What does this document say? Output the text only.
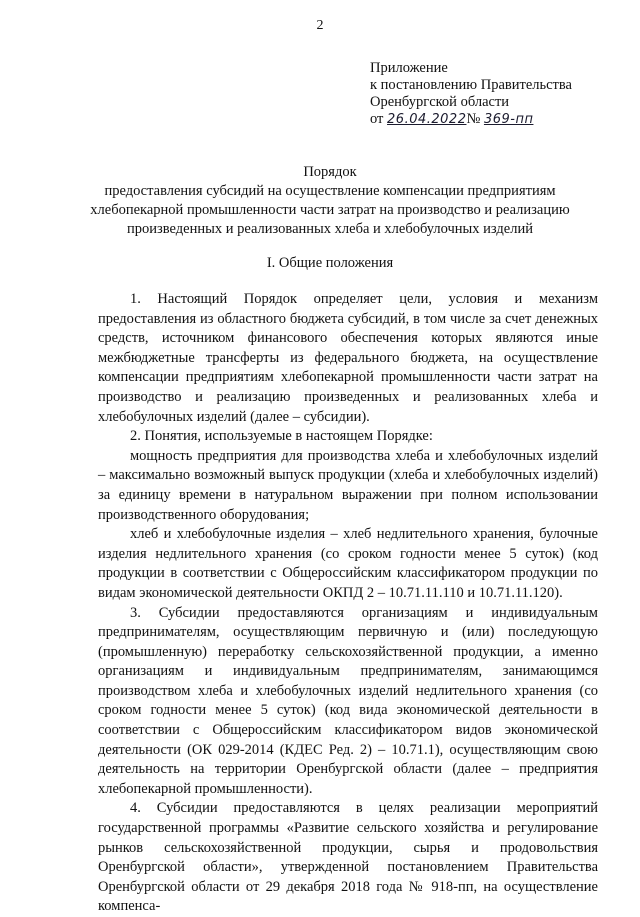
2
Приложение
к постановлению Правительства
Оренбургской области
от 26.04.2022№ 369-пп
Порядок
предоставления субсидий на осуществление компенсации предприятиям
хлебопекарной промышленности части затрат на производство и реализацию
произведенных и реализованных хлеба и хлебобулочных изделий
I. Общие положения

1. Настоящий Порядок определяет цели, условия и механизм предоставления из областного бюджета субсидий, в том числе за счет денежных средств, источником финансового обеспечения которых являются иные межбюджетные трансферты из федерального бюджета, на осуществление компенсации предприятиям хлебопекарной промышленности части затрат на производство и реализацию произведенных и реализованных хлеба и хлебобулочных изделий (далее – субсидии).

2. Понятия, используемые в настоящем Порядке:

мощность предприятия для производства хлеба и хлебобулочных изделий – максимально возможный выпуск продукции (хлеба и хлебобулочных изделий) за единицу времени в натуральном выражении при полном использовании производственного оборудования;

хлеб и хлебобулочные изделия – хлеб недлительного хранения, булочные изделия недлительного хранения (со сроком годности менее 5 суток) (код продукции в соответствии с Общероссийским классификатором продукции по видам экономической деятельности ОКПД 2 – 10.71.11.110 и 10.71.11.120).

3. Субсидии предоставляются организациям и индивидуальным предпринимателям, осуществляющим первичную и (или) последующую (промышленную) переработку сельскохозяйственной продукции, а именно организациям и индивидуальным предпринимателям, занимающимся производством хлеба и хлебобулочных изделий недлительного хранения (со сроком годности менее 5 суток) (код вида экономической деятельности в соответствии с Общероссийским классификатором видов экономической деятельности (ОК 029-2014 (КДЕС Ред. 2) – 10.71.1), осуществляющим свою деятельность на территории Оренбургской области (далее – предприятия хлебопекарной промышленности).

4. Субсидии предоставляются в целях реализации мероприятий государственной программы «Развитие сельского хозяйства и регулирование рынков сельскохозяйственной продукции, сырья и продовольствия Оренбургской области», утвержденной постановлением Правительства Оренбургской области от 29 декабря 2018 года № 918-пп, на осуществление компенса-
